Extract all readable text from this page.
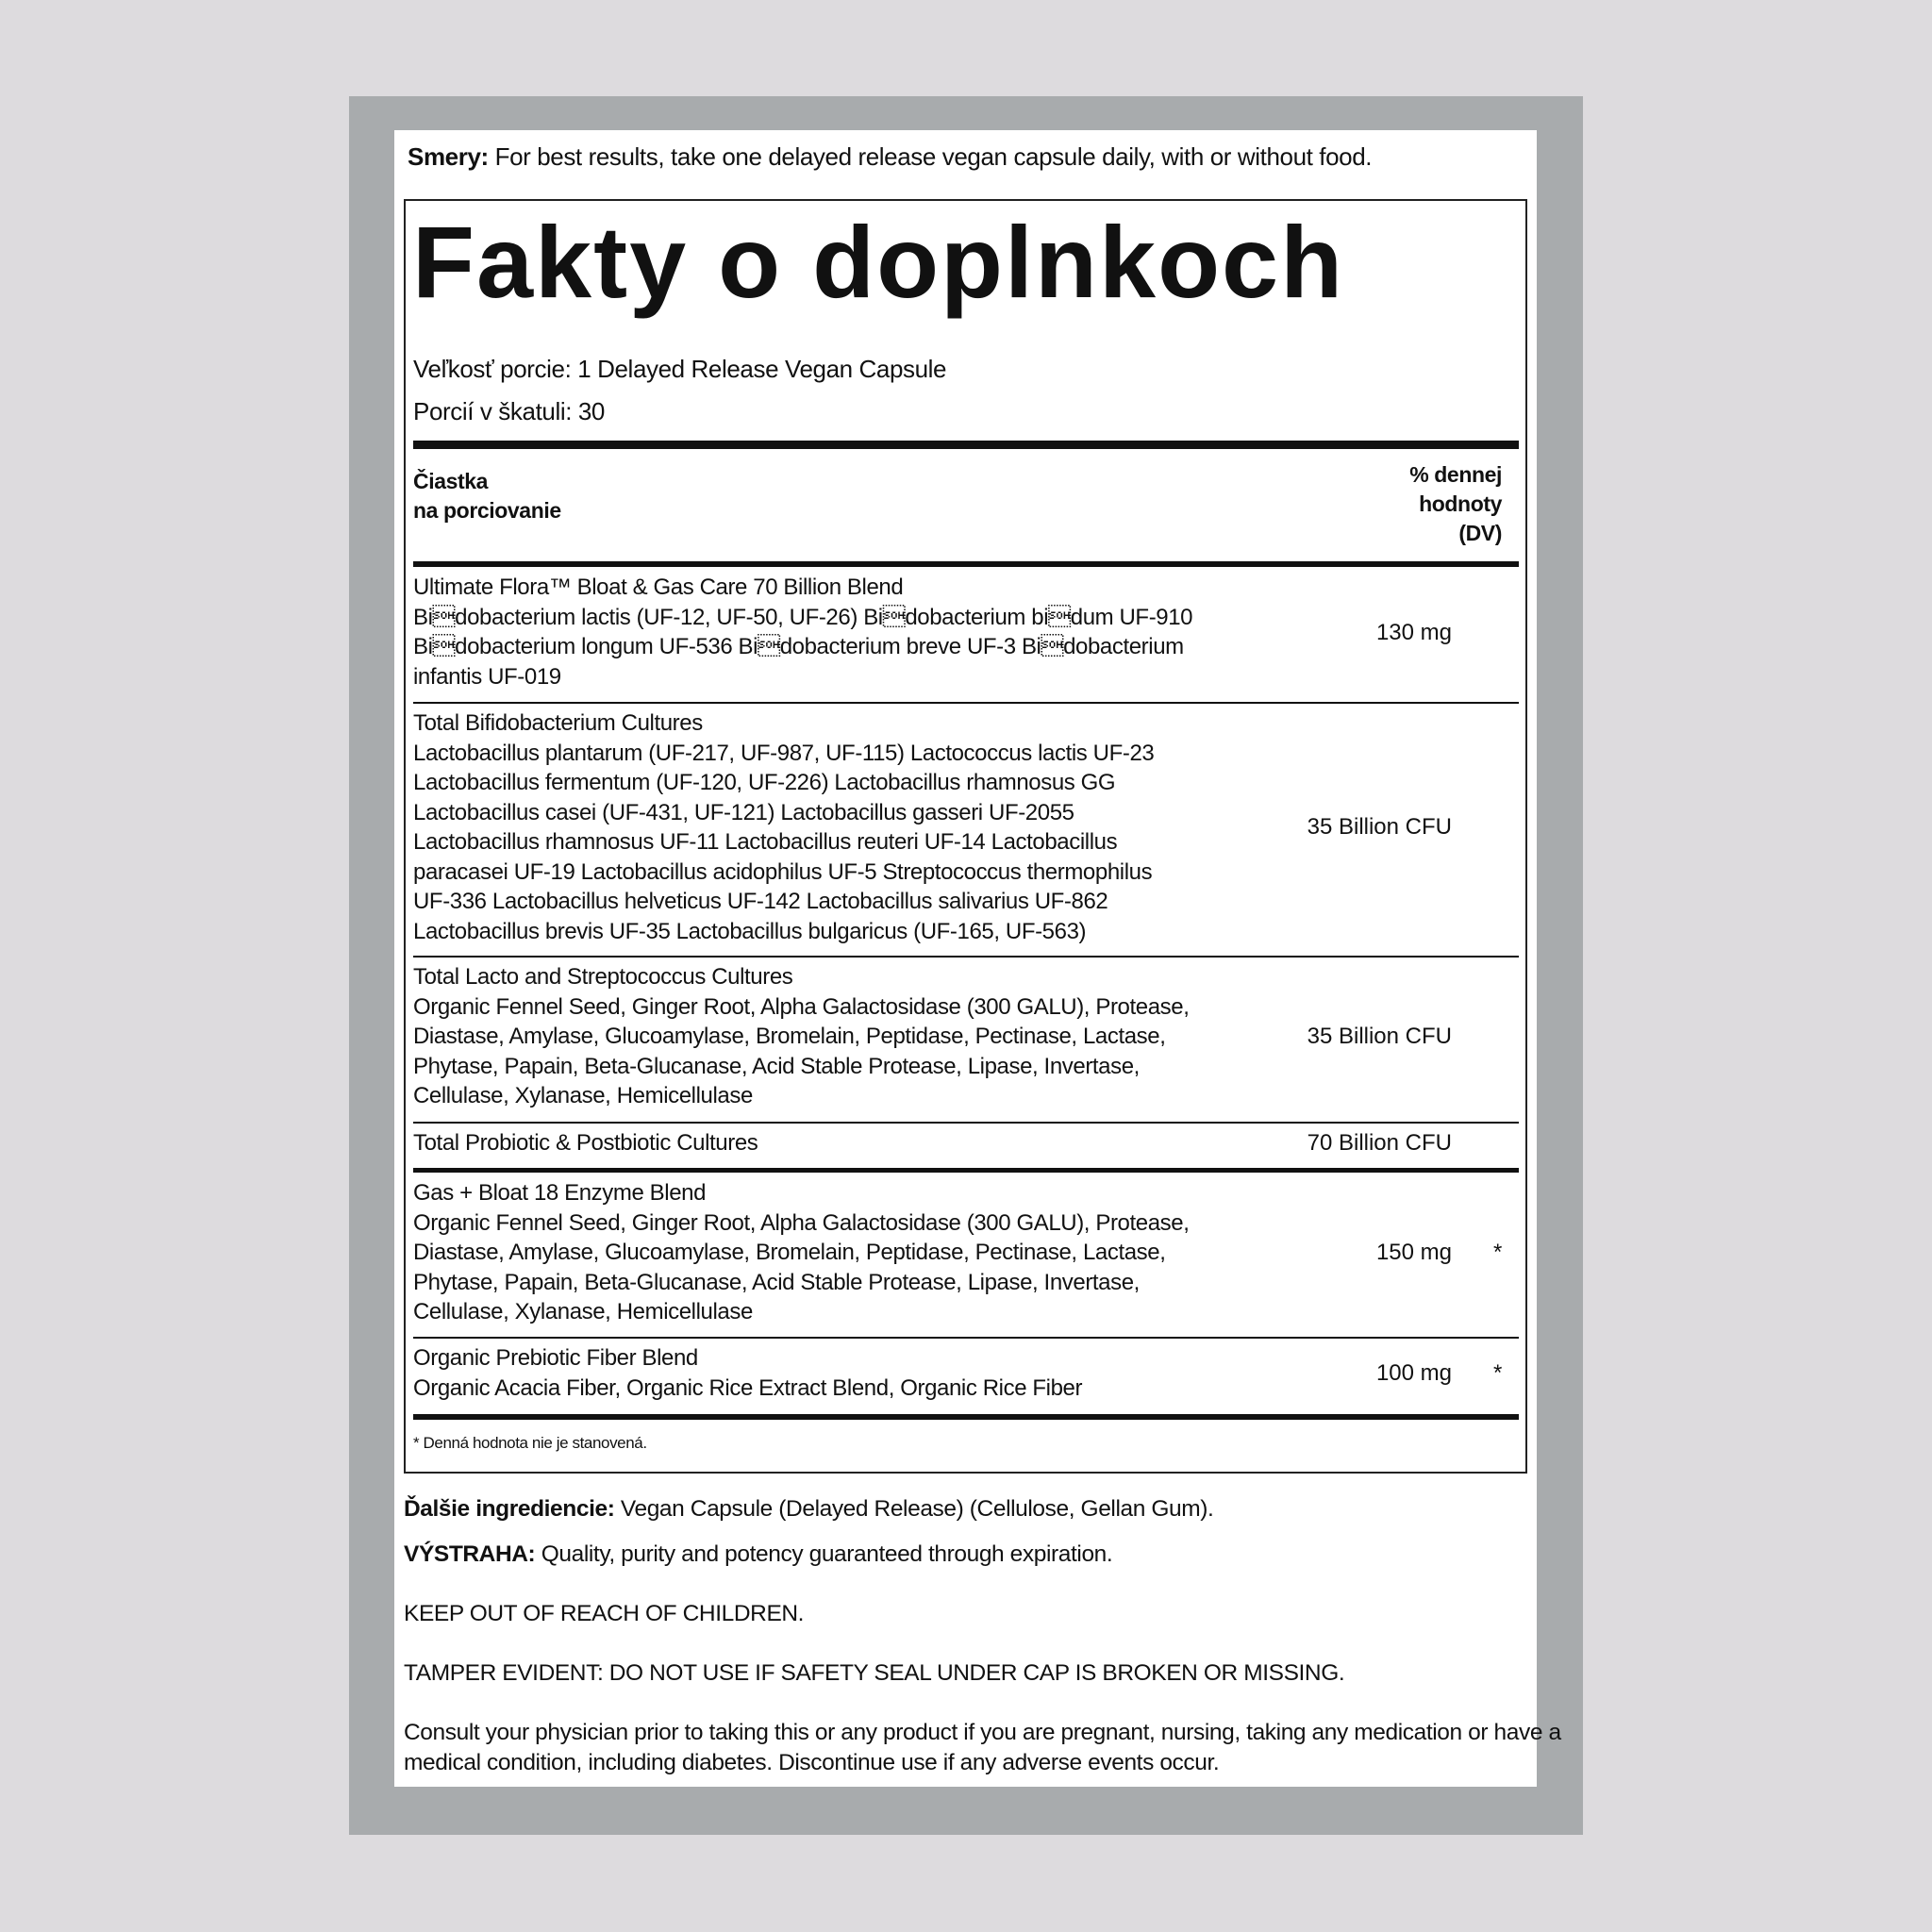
Smery: For best results, take one delayed release vegan capsule daily, with or without food.
Fakty o doplnkoch
Veľkosť porcie: 1 Delayed Release Vegan Capsule
Porcií v škatuli: 30
Čiastka
na porciovanie
% dennej
hodnoty
(DV)
Ultimate Flora™ Bloat & Gas Care 70 Billion Blend
Bidobacterium lactis (UF-12, UF-50, UF-26) Bidobacterium bidum UF-910
Bidobacterium longum UF-536 Bidobacterium breve UF-3 Bidobacterium
infantis UF-019
130 mg
Total Bifidobacterium Cultures
Lactobacillus plantarum (UF-217, UF-987, UF-115) Lactococcus lactis UF-23
Lactobacillus fermentum (UF-120, UF-226) Lactobacillus rhamnosus GG
Lactobacillus casei (UF-431, UF-121) Lactobacillus gasseri UF-2055
Lactobacillus rhamnosus UF-11 Lactobacillus reuteri UF-14 Lactobacillus
paracasei UF-19 Lactobacillus acidophilus UF-5 Streptococcus thermophilus
UF-336 Lactobacillus helveticus UF-142 Lactobacillus salivarius UF-862
Lactobacillus brevis UF-35 Lactobacillus bulgaricus (UF-165, UF-563)
35 Billion CFU
Total Lacto and Streptococcus Cultures
Organic Fennel Seed, Ginger Root, Alpha Galactosidase (300 GALU), Protease,
Diastase, Amylase, Glucoamylase, Bromelain, Peptidase, Pectinase, Lactase,
Phytase, Papain, Beta-Glucanase, Acid Stable Protease, Lipase, Invertase,
Cellulase, Xylanase, Hemicellulase
35 Billion CFU
Total Probiotic & Postbiotic Cultures	70 Billion CFU
Gas + Bloat 18 Enzyme Blend
Organic Fennel Seed, Ginger Root, Alpha Galactosidase (300 GALU), Protease,
Diastase, Amylase, Glucoamylase, Bromelain, Peptidase, Pectinase, Lactase,
Phytase, Papain, Beta-Glucanase, Acid Stable Protease, Lipase, Invertase,
Cellulase, Xylanase, Hemicellulase
150 mg *
Organic Prebiotic Fiber Blend
Organic Acacia Fiber, Organic Rice Extract Blend, Organic Rice Fiber
100 mg *
* Denná hodnota nie je stanovená.
Ďalšie ingrediencie: Vegan Capsule (Delayed Release) (Cellulose, Gellan Gum).
VÝSTRAHA: Quality, purity and potency guaranteed through expiration.
KEEP OUT OF REACH OF CHILDREN.
TAMPER EVIDENT: DO NOT USE IF SAFETY SEAL UNDER CAP IS BROKEN OR MISSING.
Consult your physician prior to taking this or any product if you are pregnant, nursing, taking any medication or have a
medical condition, including diabetes. Discontinue use if any adverse events occur.
